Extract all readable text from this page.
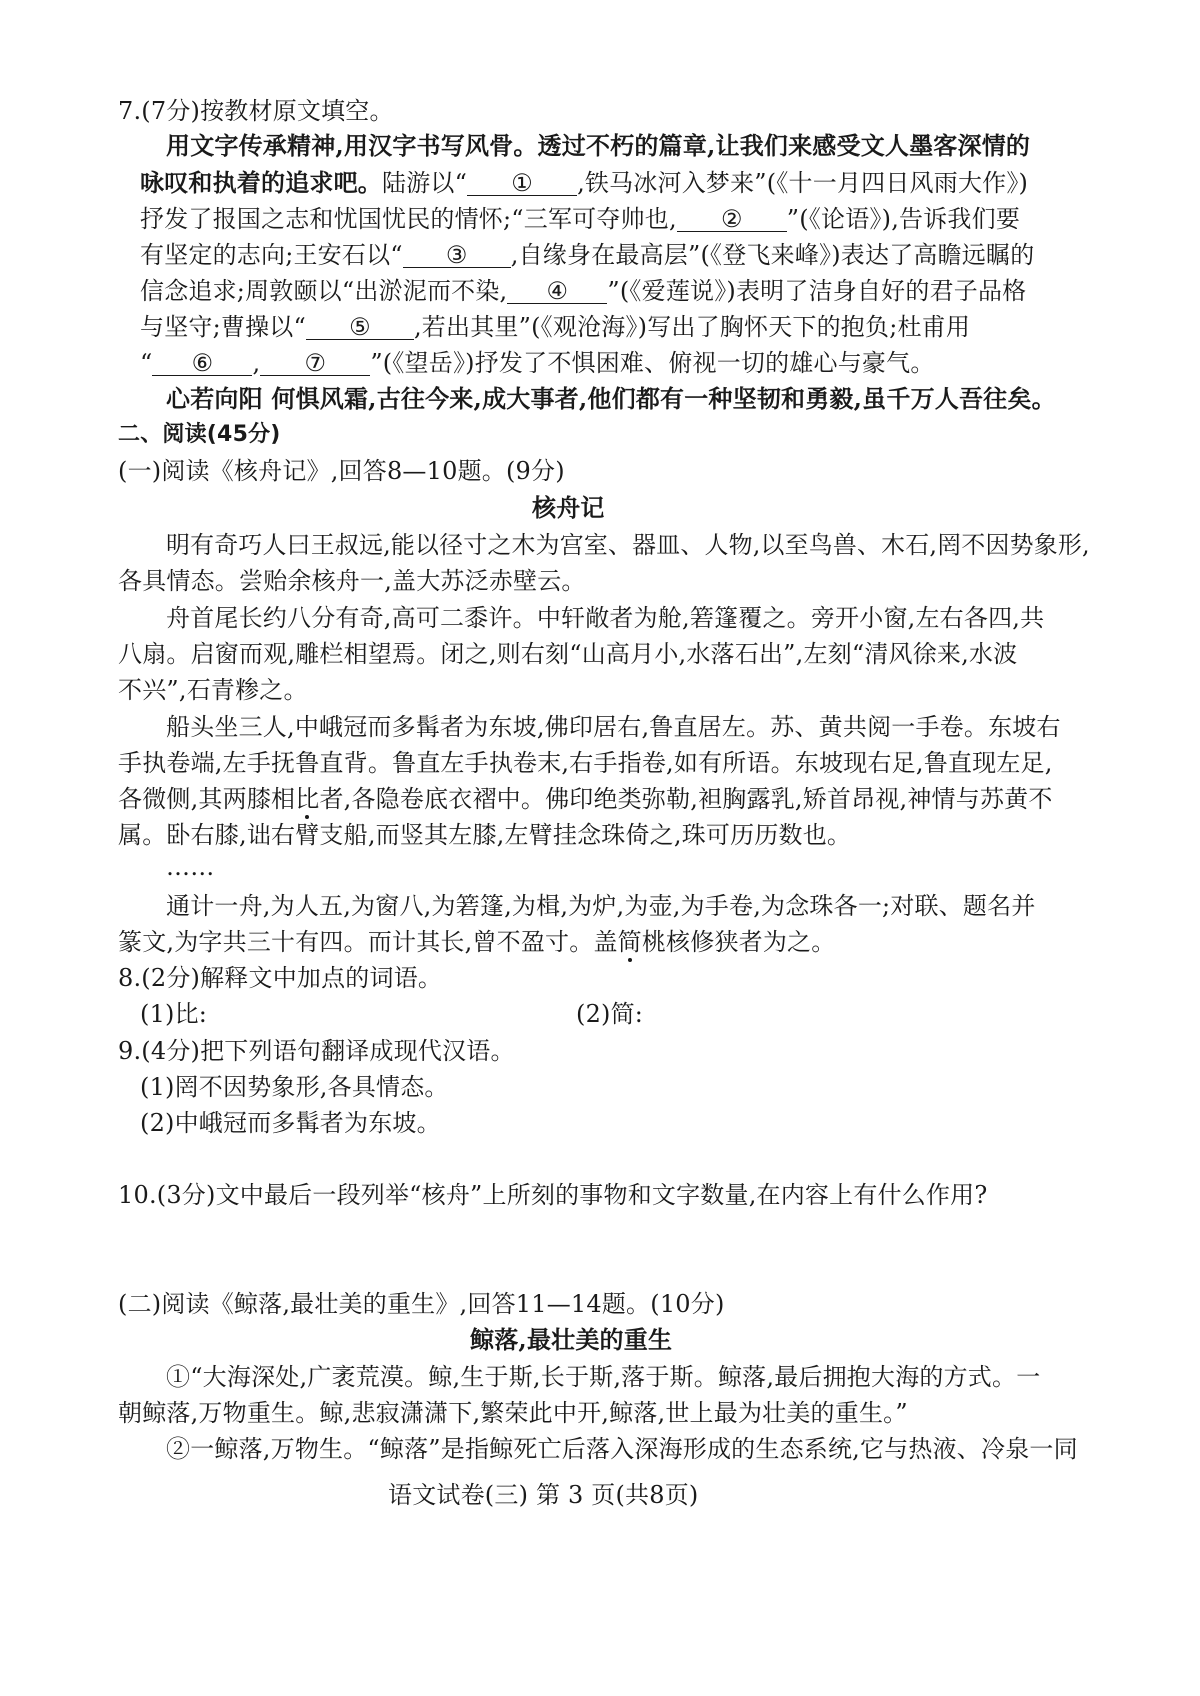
7.(7分)按教材原文填空。
用文字传承精神,用汉字书写风骨。透过不朽的篇章,让我们来感受文人墨客深情的
咏叹和执着的追求吧。陆游以“ ① ,铁马冰河入梦来”(《十一月四日风雨大作》)
抒发了报国之志和忧国忧民的情怀;“三军可夺帅也, ② ”(《论语》),告诉我们要
有坚定的志向;王安石以“ ③ ,自缘身在最高层”(《登飞来峰》)表达了高瞻远瞩的
信念追求;周敦颐以“出淤泥而不染, ④ ”(《爱莲说》)表明了洁身自好的君子品格
与坚守;曹操以“ ⑤ ,若出其里”(《观沧海》)写出了胸怀天下的抱负;杜甫用
“ ⑥ , ⑦ ”(《望岳》)抒发了不惧困难、俯视一切的雄心与豪气。
心若向阳 何惧风霜,古往今来,成大事者,他们都有一种坚韧和勇毅,虽千万人吾往矣。
二、阅读(45分)
(一)阅读《核舟记》,回答8—10题。(9分)
核舟记
明有奇巧人曰王叔远,能以径寸之木为宫室、器皿、人物,以至鸟兽、木石,罔不因势象形,
各具情态。尝贻余核舟一,盖大苏泛赤壁云。
舟首尾长约八分有奇,高可二黍许。中轩敞者为舱,箬篷覆之。旁开小窗,左右各四,共
八扇。启窗而观,雕栏相望焉。闭之,则右刻“山高月小,水落石出”,左刻“清风徐来,水波
不兴”,石青糁之。
船头坐三人,中峨冠而多髯者为东坡,佛印居右,鲁直居左。苏、黄共阅一手卷。东坡右
手执卷端,左手抚鲁直背。鲁直左手执卷末,右手指卷,如有所语。东坡现右足,鲁直现左足,
各微侧,其两膝相比者,各隐卷底衣褶中。佛印绝类弥勒,袒胸露乳,矫首昂视,神情与苏黄不
属。卧右膝,诎右臂支船,而竖其左膝,左臂挂念珠倚之,珠可历历数也。
……
通计一舟,为人五,为窗八,为箬篷,为楫,为炉,为壶,为手卷,为念珠各一;对联、题名并
篆文,为字共三十有四。而计其长,曾不盈寸。盖简桃核修狭者为之。
8.(2分)解释文中加点的词语。
(1)比:	(2)简:
9.(4分)把下列语句翻译成现代汉语。
(1)罔不因势象形,各具情态。
(2)中峨冠而多髯者为东坡。
10.(3分)文中最后一段列举“核舟”上所刻的事物和文字数量,在内容上有什么作用?
(二)阅读《鲸落,最壮美的重生》,回答11—14题。(10分)
鲸落,最壮美的重生
①“大海深处,广袤荒漠。鲸,生于斯,长于斯,落于斯。鲸落,最后拥抱大海的方式。一
朝鲸落,万物重生。鲸,悲寂潇潇下,繁荣此中开,鲸落,世上最为壮美的重生。”
②一鲸落,万物生。“鲸落”是指鲸死亡后落入深海形成的生态系统,它与热液、冷泉一同
语文试卷(三) 第 3 页(共8页)
